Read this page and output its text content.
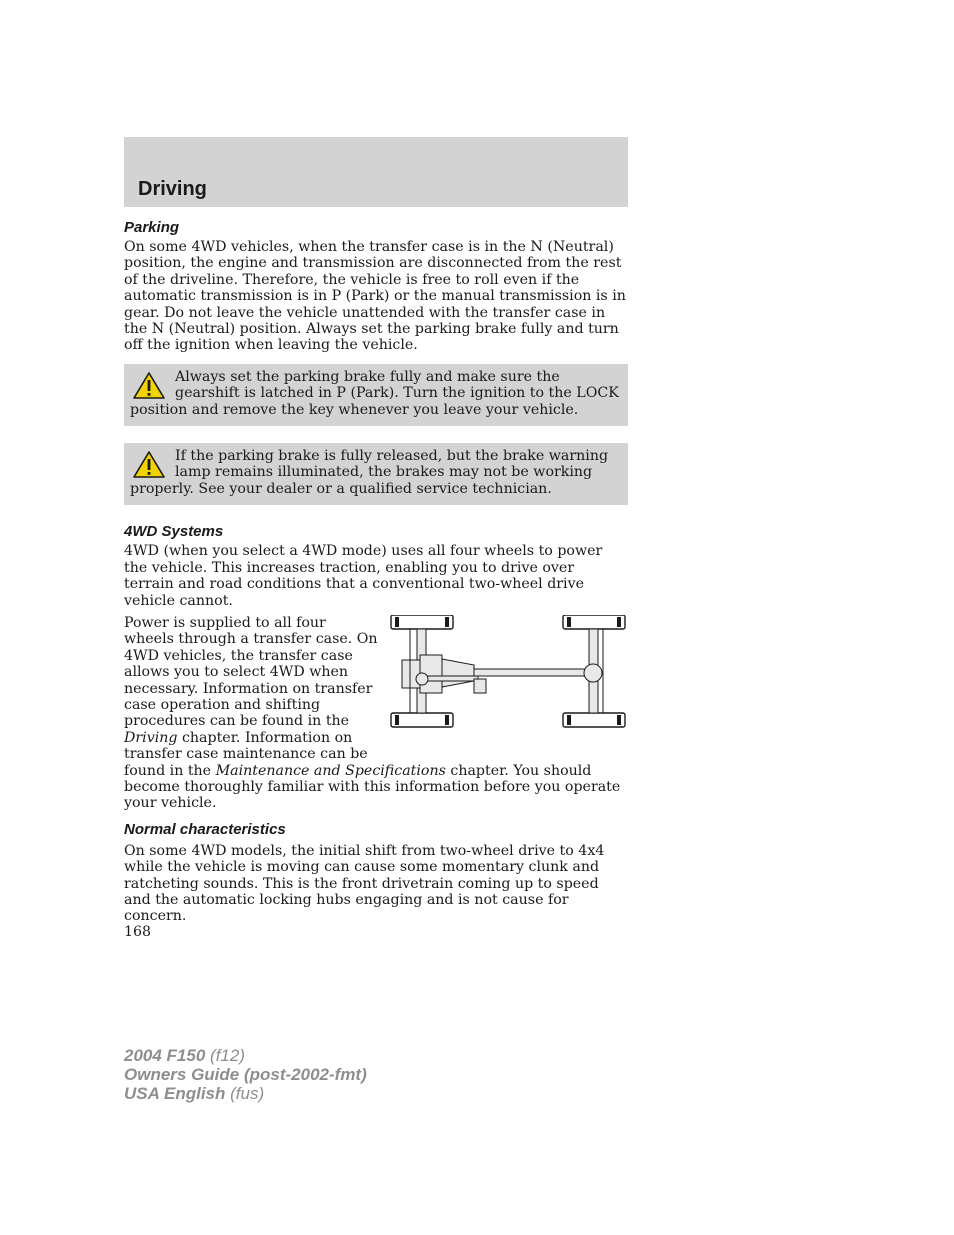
Driving
Parking

On some 4WD vehicles, when the transfer case is in the N (Neutral) position, the engine and transmission are disconnected from the rest of the driveline. Therefore, the vehicle is free to roll even if the automatic transmission is in P (Park) or the manual transmission is in gear. Do not leave the vehicle unattended with the transfer case in the N (Neutral) position. Always set the parking brake fully and turn off the ignition when leaving the vehicle.

Always set the parking brake fully and make sure the gearshift is latched in P (Park). Turn the ignition to the LOCK position and remove the key whenever you leave your vehicle.
If the parking brake is fully released, but the brake warning lamp remains illuminated, the brakes may not be working properly. See your dealer or a qualified service technician.
4WD Systems

4WD (when you select a 4WD mode) uses all four wheels to power the vehicle. This increases traction, enabling you to drive over terrain and road conditions that a conventional two-wheel drive vehicle cannot.

Power is supplied to all four wheels through a transfer case. On 4WD vehicles, the transfer case allows you to select 4WD when necessary. Information on transfer case operation and shifting procedures can be found in the Driving chapter. Information on transfer case maintenance can be found in the Maintenance and Specifications chapter. You should become thoroughly familiar with this information before you operate your vehicle.

Normal characteristics

On some 4WD models, the initial shift from two-wheel drive to 4x4 while the vehicle is moving can cause some momentary clunk and ratcheting sounds. This is the front drivetrain coming up to speed and the automatic locking hubs engaging and is not cause for concern.

168

2004 F150 (f12)
Owners Guide (post-2002-fmt)
USA English (fus)
